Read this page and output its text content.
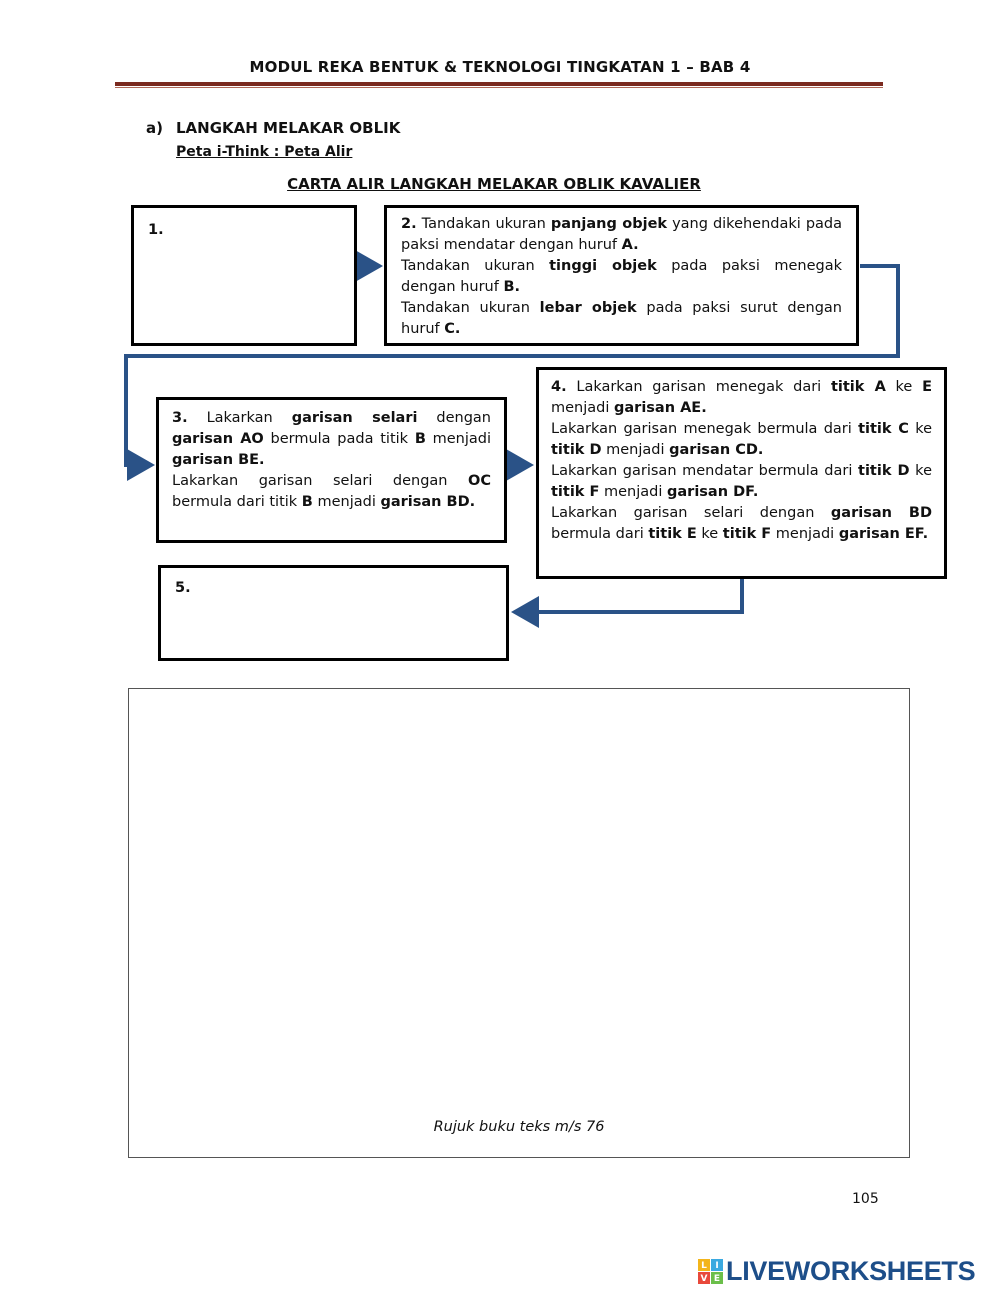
MODUL REKA BENTUK & TEKNOLOGI TINGKATAN 1 – BAB 4
a) LANGKAH MELAKAR OBLIK
Peta i-Think : Peta Alir
CARTA ALIR LANGKAH MELAKAR OBLIK KAVALIER
1.	2. Tandakan ukuran panjang objek yang dikehendaki pada paksi mendatar dengan huruf A.

Tandakan ukuran tinggi objek pada paksi menegak dengan huruf B.

Tandakan ukuran lebar objek pada paksi surut dengan huruf C.

3. Lakarkan garisan selari dengan garisan AO bermula pada titik B menjadi garisan BE.

Lakarkan garisan selari dengan OC bermula dari titik B menjadi garisan BD.

4. Lakarkan garisan menegak dari titik A ke E menjadi garisan AE.

Lakarkan garisan menegak bermula dari titik C ke titik D menjadi garisan CD.

Lakarkan garisan mendatar bermula dari titik D ke titik F menjadi garisan DF.

Lakarkan garisan selari dengan garisan BD bermula dari titik E ke titik F menjadi garisan EF.

5.
Rujuk buku teks m/s 76
105
L I
V E LIVEWORKSHEETS
